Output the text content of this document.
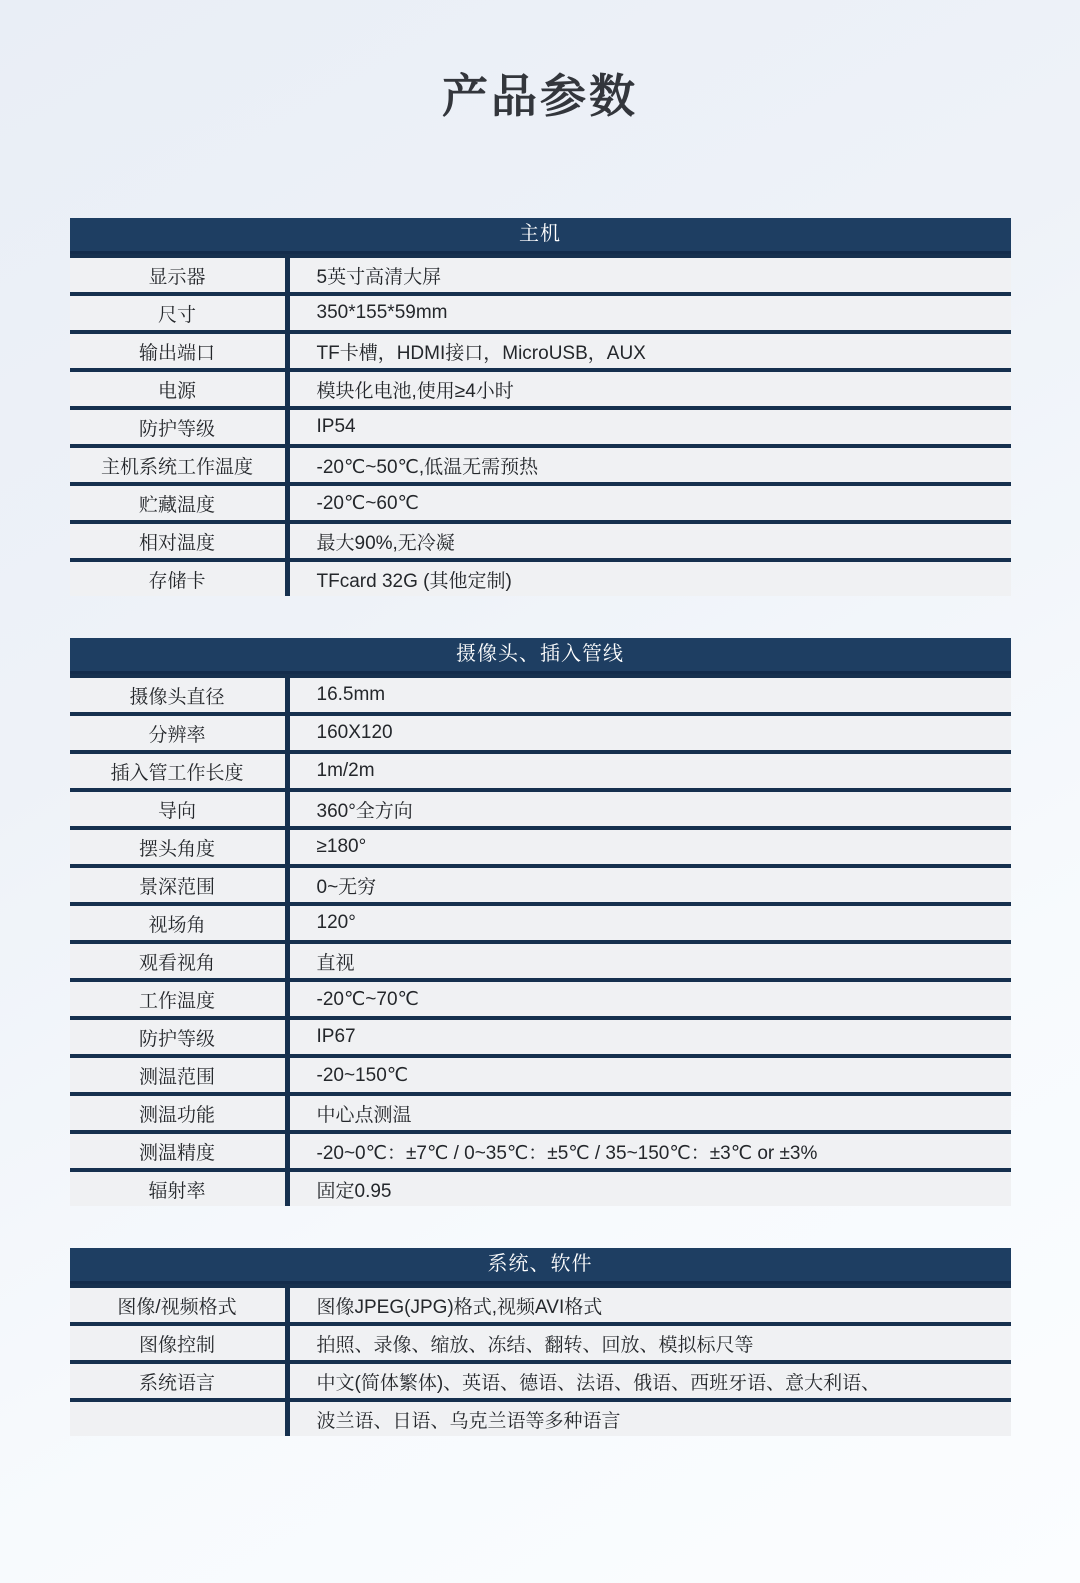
产品参数
主机
显示器	5英寸高清大屏
尺寸	350*155*59mm
输出端口	TF卡槽，HDMI接口，MicroUSB，AUX
电源	模块化电池,使用≥4小时
防护等级	IP54
主机系统工作温度	-20℃~50℃,低温无需预热
贮藏温度	-20℃~60℃
相对温度	最大90%,无冷凝
存储卡	TFcard 32G (其他定制)
摄像头、插入管线
摄像头直径	16.5mm
分辨率	160X120
插入管工作长度	1m/2m
导向	360°全方向
摆头角度	≥180°
景深范围	0~无穷
视场角	120°
观看视角	直视
工作温度	-20℃~70℃
防护等级	IP67
测温范围	-20~150℃
测温功能	中心点测温
测温精度	-20~0℃：±7℃ / 0~35℃：±5℃ / 35~150℃：±3℃ or ±3%
辐射率	固定0.95
系统、软件
图像/视频格式	图像JPEG(JPG)格式,视频AVI格式
图像控制	拍照、录像、缩放、冻结、翻转、回放、模拟标尺等
系统语言	中文(简体繁体)、英语、德语、法语、俄语、西班牙语、意大利语、
波兰语、日语、乌克兰语等多种语言
